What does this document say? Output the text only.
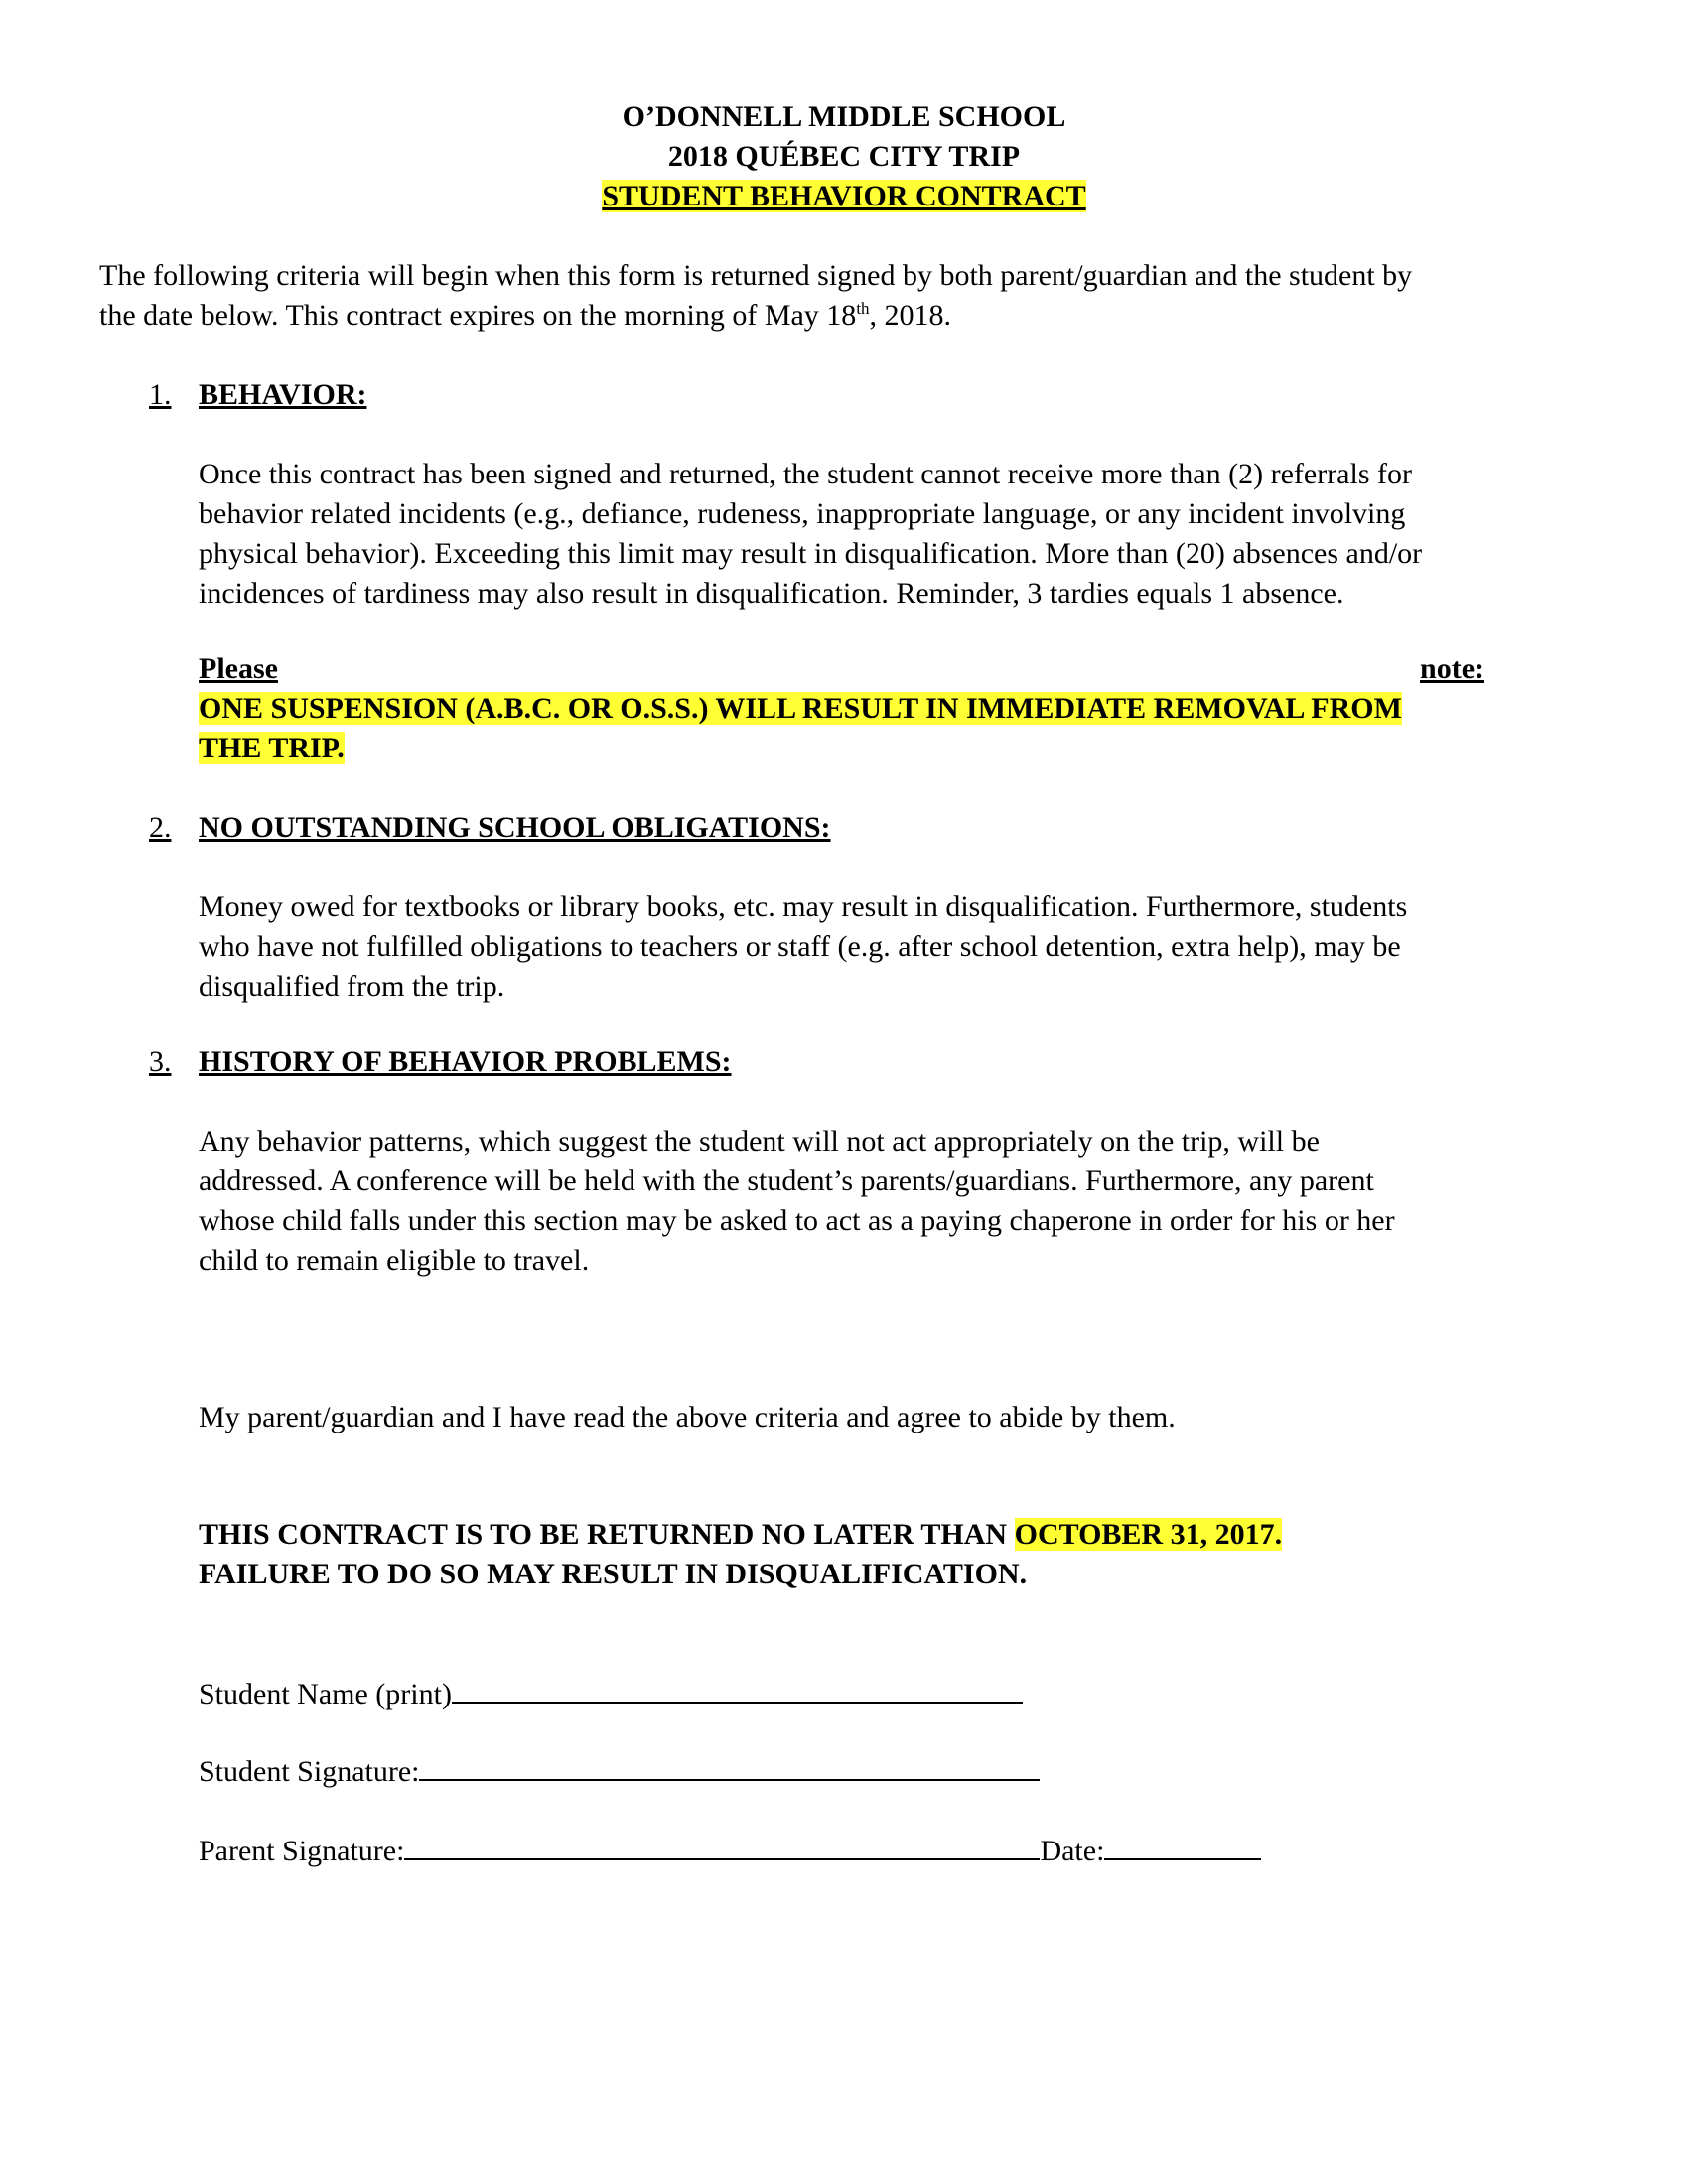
O’DONNELL MIDDLE SCHOOL
2018 QUÉBEC CITY TRIP
STUDENT BEHAVIOR CONTRACT
The following criteria will begin when this form is returned signed by both parent/guardian and the student by
the date below. This contract expires on the morning of May 18th, 2018.
1. BEHAVIOR:
Once this contract has been signed and returned, the student cannot receive more than (2) referrals for
behavior related incidents (e.g., defiance, rudeness, inappropriate language, or any incident involving
physical behavior). Exceeding this limit may result in disqualification. More than (20) absences and/or
incidences of tardiness may also result in disqualification. Reminder, 3 tardies equals 1 absence.
Please	note:
ONE SUSPENSION (A.B.C. OR O.S.S.) WILL RESULT IN IMMEDIATE REMOVAL FROM
THE TRIP.
2. NO OUTSTANDING SCHOOL OBLIGATIONS:
Money owed for textbooks or library books, etc. may result in disqualification. Furthermore, students
who have not fulfilled obligations to teachers or staff (e.g. after school detention, extra help), may be
disqualified from the trip.
3. HISTORY OF BEHAVIOR PROBLEMS:
Any behavior patterns, which suggest the student will not act appropriately on the trip, will be
addressed. A conference will be held with the student’s parents/guardians. Furthermore, any parent
whose child falls under this section may be asked to act as a paying chaperone in order for his or her
child to remain eligible to travel.
My parent/guardian and I have read the above criteria and agree to abide by them.
THIS CONTRACT IS TO BE RETURNED NO LATER THAN OCTOBER 31, 2017.
FAILURE TO DO SO MAY RESULT IN DISQUALIFICATION.
Student Name (print)
Student Signature:
Parent Signature:	Date:
